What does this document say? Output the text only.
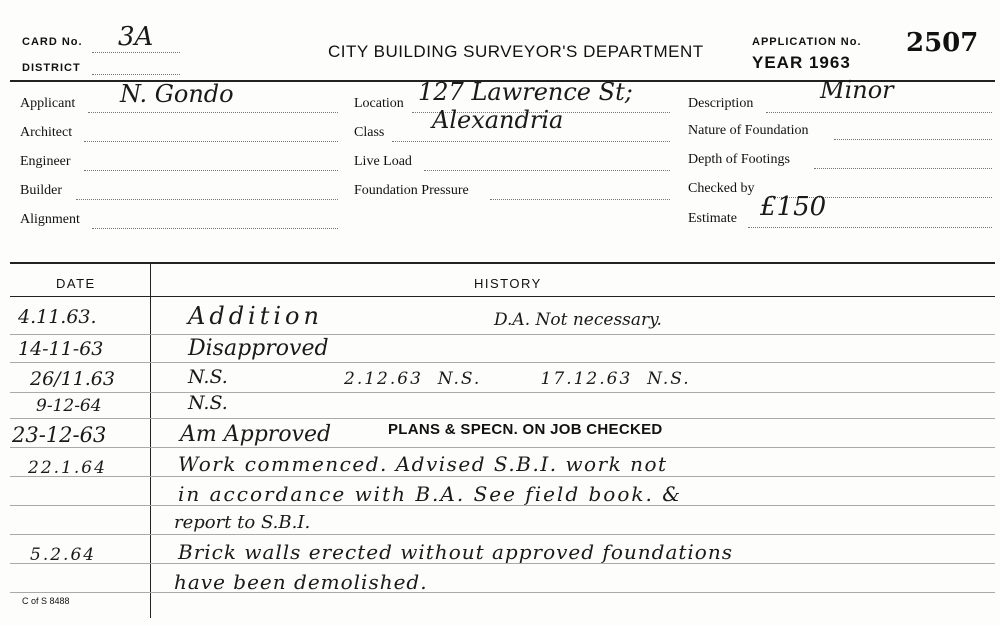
CARD No. 3A
DISTRICT
CITY BUILDING SURVEYOR'S DEPARTMENT	APPLICATION No. 2507
YEAR 1963
Applicant N. Gondo
Architect
Engineer
Builder
Alignment
Location 127 Lawrence St;
Class Alexandria
Live Load
Foundation Pressure
Description	Minor
Nature of Foundation
Depth of Footings
Checked by
Estimate £150
DATE	HISTORY
4.11.63.	Addition	D.A. Not necessary.
14-11-63	Disapproved
26/11.63	N.S.	2.12.63  N.S.        17.12.63  N.S.
9-12-64	N.S.
23-12-63	Am Approved	PLANS & SPECN. ON JOB CHECKED
22.1.64	Work commenced. Advised S.B.I. work not
in accordance with B.A. See field book. &
report to S.B.I.
5.2.64	Brick walls erected without approved foundations
have been demolished.
C of S 8488
